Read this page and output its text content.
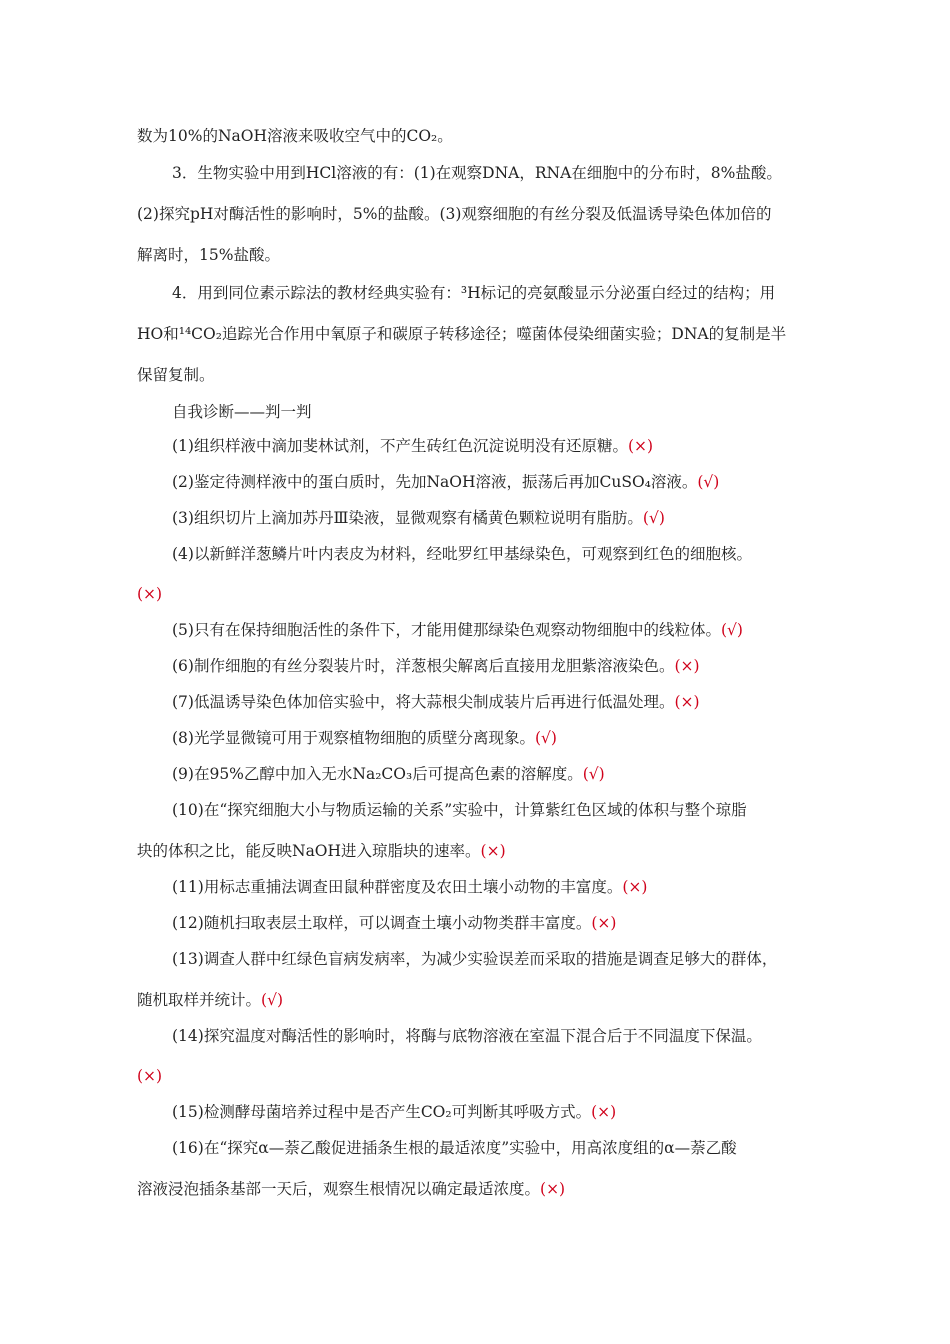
数为10%的NaOH溶液来吸收空气中的CO₂。
3．生物实验中用到HCl溶液的有：(1)在观察DNA，RNA在细胞中的分布时，8%盐酸。
(2)探究pH对酶活性的影响时，5%的盐酸。(3)观察细胞的有丝分裂及低温诱导染色体加倍的
解离时，15%盐酸。
4．用到同位素示踪法的教材经典实验有：³H标记的亮氨酸显示分泌蛋白经过的结构；用
HO和¹⁴CO₂追踪光合作用中氧原子和碳原子转移途径；噬菌体侵染细菌实验；DNA的复制是半
保留复制。
自我诊断——判一判
(1)组织样液中滴加斐林试剂，不产生砖红色沉淀说明没有还原糖。(×)
(2)鉴定待测样液中的蛋白质时，先加NaOH溶液，振荡后再加CuSO₄溶液。(√)
(3)组织切片上滴加苏丹Ⅲ染液，显微观察有橘黄色颗粒说明有脂肪。(√)
(4)以新鲜洋葱鳞片叶内表皮为材料，经吡罗红甲基绿染色，可观察到红色的细胞核。
(×)
(5)只有在保持细胞活性的条件下，才能用健那绿染色观察动物细胞中的线粒体。(√)
(6)制作细胞的有丝分裂装片时，洋葱根尖解离后直接用龙胆紫溶液染色。(×)
(7)低温诱导染色体加倍实验中，将大蒜根尖制成装片后再进行低温处理。(×)
(8)光学显微镜可用于观察植物细胞的质壁分离现象。(√)
(9)在95%乙醇中加入无水Na₂CO₃后可提高色素的溶解度。(√)
(10)在“探究细胞大小与物质运输的关系”实验中，计算紫红色区域的体积与整个琼脂
块的体积之比，能反映NaOH进入琼脂块的速率。(×)
(11)用标志重捕法调查田鼠种群密度及农田土壤小动物的丰富度。(×)
(12)随机扫取表层土取样，可以调查土壤小动物类群丰富度。(×)
(13)调查人群中红绿色盲病发病率，为减少实验误差而采取的措施是调查足够大的群体，
随机取样并统计。(√)
(14)探究温度对酶活性的影响时，将酶与底物溶液在室温下混合后于不同温度下保温。
(×)
(15)检测酵母菌培养过程中是否产生CO₂可判断其呼吸方式。(×)
(16)在“探究α—萘乙酸促进插条生根的最适浓度”实验中，用高浓度组的α—萘乙酸
溶液浸泡插条基部一天后，观察生根情况以确定最适浓度。(×)
